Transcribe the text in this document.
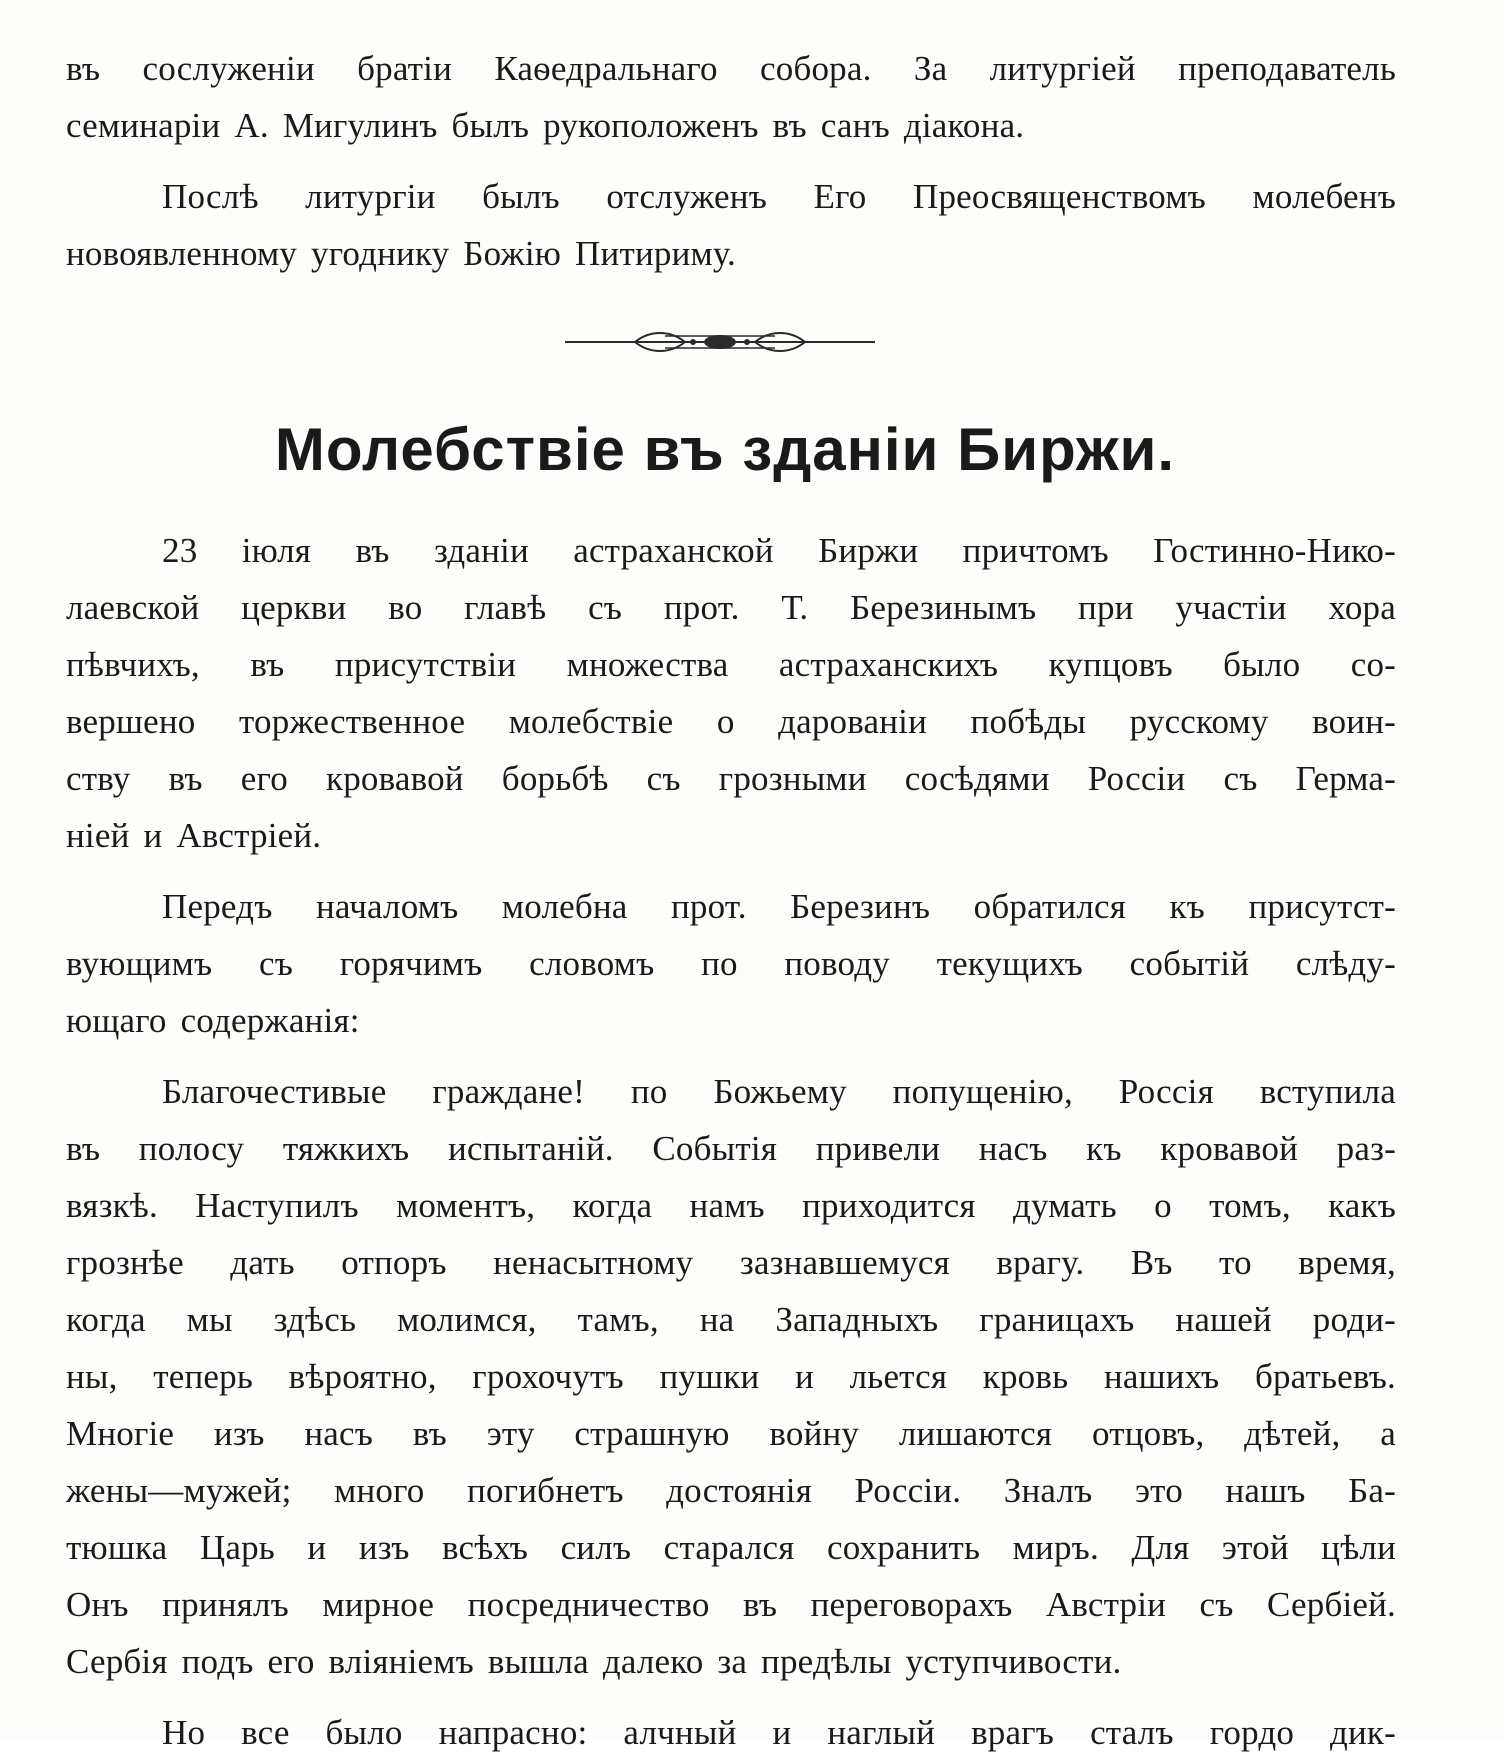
въ сослуженіи братіи Каѳедральнаго собора. За литургіей преподаватель
семинаріи А. Мигулинъ былъ рукоположенъ въ санъ діакона.
Послѣ литургіи былъ отслуженъ Его Преосвященствомъ молебенъ
новоявленному угоднику Божію Питириму.
Молебствіе въ зданіи Биржи.
23 іюля въ зданіи астраханской Биржи причтомъ Гостинно-Нико-
лаевской церкви во главѣ съ прот. Т. Березинымъ при участіи хора
пѣвчихъ, въ присутствіи множества астраханскихъ купцовъ было со-
вершено торжественное молебствіе о дарованіи побѣды русскому воин-
ству въ его кровавой борьбѣ съ грозными сосѣдями Россіи съ Герма-
ніей и Австріей.
Передъ началомъ молебна прот. Березинъ обратился къ присутст-
вующимъ съ горячимъ словомъ по поводу текущихъ событій слѣду-
ющаго содержанія:
Благочестивые граждане! по Божьему попущенію, Россія вступила
въ полосу тяжкихъ испытаній. Событія привели насъ къ кровавой раз-
вязкѣ. Наступилъ моментъ, когда намъ приходится думать о томъ, какъ
грознѣе дать отпоръ ненасытному зазнавшемуся врагу. Въ то время,
когда мы здѣсь молимся, тамъ, на Западныхъ границахъ нашей роди-
ны, теперь вѣроятно, грохочутъ пушки и льется кровь нашихъ братьевъ.
Многіе изъ насъ въ эту страшную войну лишаются отцовъ, дѣтей, а
жены—мужей; много погибнетъ достоянія Россіи. Зналъ это нашъ Ба-
тюшка Царь и изъ всѣхъ силъ старался сохранить миръ. Для этой цѣли
Онъ принялъ мирное посредничество въ переговорахъ Австріи съ Сербіей.
Сербія подъ его вліяніемъ вышла далеко за предѣлы уступчивости.
Но все было напрасно: алчный и наглый врагъ сталъ гордо дик-
